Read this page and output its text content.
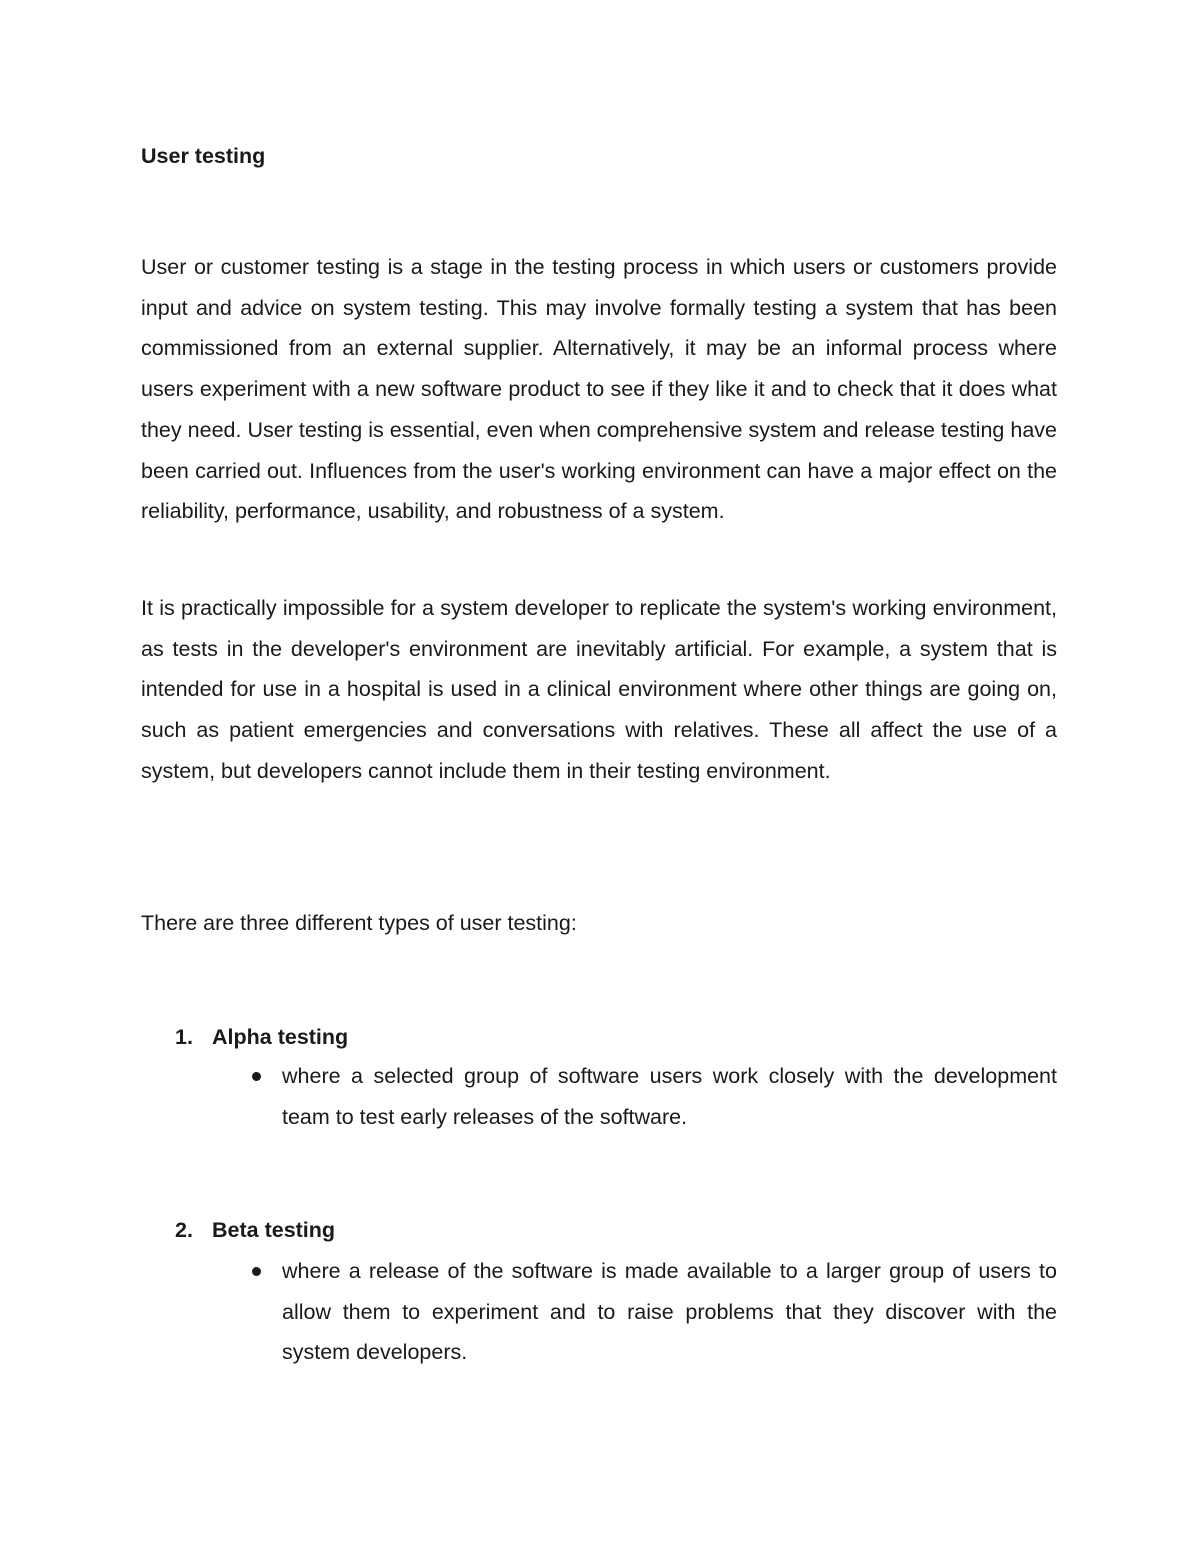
User testing

User or customer testing is a stage in the testing process in which users or customers provide input and advice on system testing. This may involve formally testing a system that has been commissioned from an external supplier. Alternatively, it may be an informal process where users experiment with a new software product to see if they like it and to check that it does what they need. User testing is essential, even when comprehensive system and release testing have been carried out. Influences from the user's working environment can have a major effect on the reliability, performance, usability, and robustness of a system.

It is practically impossible for a system developer to replicate the system's working environment, as tests in the developer's environment are inevitably artificial. For example, a system that is intended for use in a hospital is used in a clinical environment where other things are going on, such as patient emergencies and conversations with relatives. These all affect the use of a system, but developers cannot include them in their testing environment.

There are three different types of user testing:

1. Alpha testing

where a selected group of software users work closely with the development team to test early releases of the software.

2. Beta testing

where a release of the software is made available to a larger group of users to allow them to experiment and to raise problems that they discover with the system developers.
